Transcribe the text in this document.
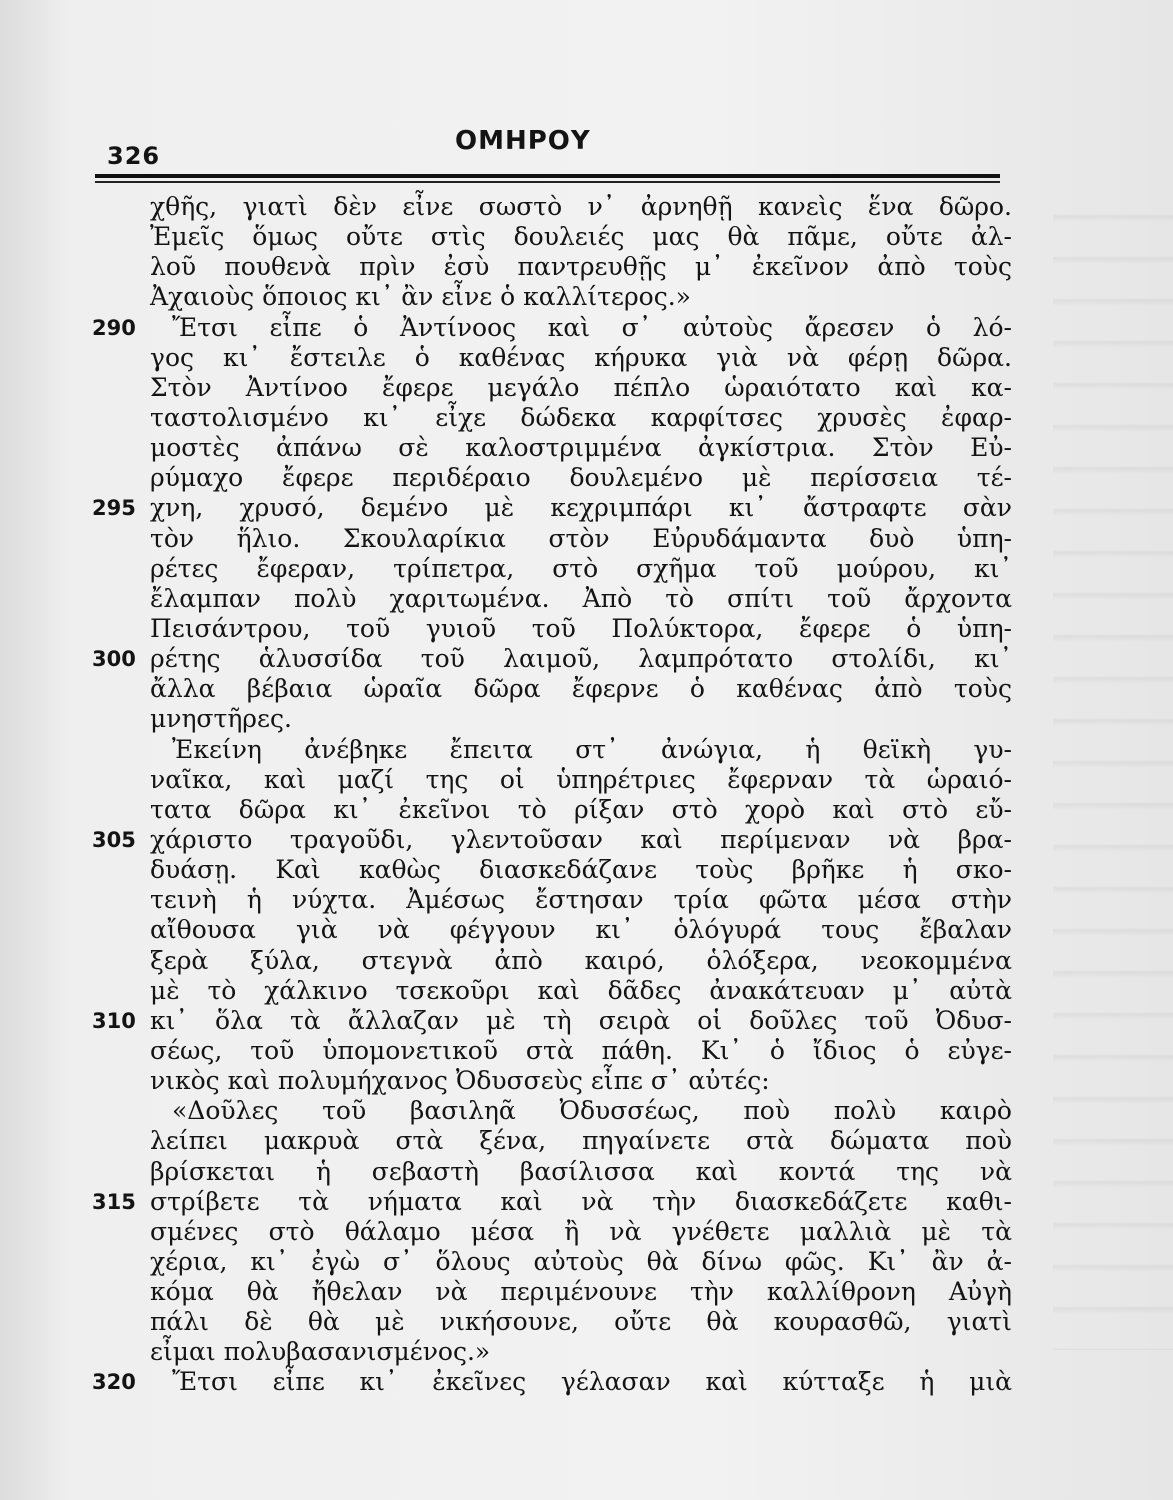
326	ΟΜΗΡΟΥ
χθῆς, γιατὶ δὲν εἶνε σωστὸ ν᾽ ἀρνηθῇ κανεὶς ἕνα δῶρο.
Ἐμεῖς ὅμως οὔτε στὶς δουλειές μας θὰ πᾶμε, οὔτε ἀλ-
λοῦ πουθενὰ πρὶν ἐσὺ παντρευθῇς μ᾽ ἐκεῖνον ἀπὸ τοὺς
Ἀχαιοὺς ὅποιος κι᾽ ἂν εἶνε ὁ καλλίτερος.»
290	Ἔτσι εἶπε ὁ Ἀντίνοος καὶ σ᾽ αὐτοὺς ἄρεσεν ὁ λό-
γος κι᾽ ἔστειλε ὁ καθένας κήρυκα γιὰ νὰ φέρῃ δῶρα.
Στὸν Ἀντίνοο ἔφερε μεγάλο πέπλο ὡραιότατο καὶ κα-
ταστολισμένο κι᾽ εἶχε δώδεκα καρφίτσες χρυσὲς ἐφαρ-
μοστὲς ἀπάνω σὲ καλοστριμμένα ἀγκίστρια. Στὸν Εὐ-
ρύμαχο ἔφερε περιδέραιο δουλεμένο μὲ περίσσεια τέ-
295 χνη, χρυσό, δεμένο μὲ κεχριμπάρι κι᾽ ἄστραφτε σὰν
τὸν ἥλιο. Σκουλαρίκια στὸν Εὐρυδάμαντα δυὸ ὑπη-
ρέτες ἔφεραν, τρίπετρα, στὸ σχῆμα τοῦ μούρου, κι᾽
ἔλαμπαν πολὺ χαριτωμένα. Ἀπὸ τὸ σπίτι τοῦ ἄρχοντα
Πεισάντρου, τοῦ γυιοῦ τοῦ Πολύκτορα, ἔφερε ὁ ὑπη-
300 ρέτης ἁλυσσίδα τοῦ λαιμοῦ, λαμπρότατο στολίδι, κι᾽
ἄλλα βέβαια ὡραῖα δῶρα ἔφερνε ὁ καθένας ἀπὸ τοὺς
μνηστῆρες.
Ἐκείνη ἀνέβηκε ἔπειτα στ᾽ ἀνώγια, ἡ θεϊκὴ γυ-
ναῖκα, καὶ μαζί της οἱ ὑπηρέτριες ἔφερναν τὰ ὡραιό-
τατα δῶρα κι᾽ ἐκεῖνοι τὸ ρίξαν στὸ χορὸ καὶ στὸ εὔ-
305 χάριστο τραγοῦδι, γλεντοῦσαν καὶ περίμεναν νὰ βρα-
δυάσῃ. Καὶ καθὼς διασκεδάζανε τοὺς βρῆκε ἡ σκο-
τεινὴ ἡ νύχτα. Ἀμέσως ἔστησαν τρία φῶτα μέσα στὴν
αἴθουσα γιὰ νὰ φέγγουν κι᾽ ὁλόγυρά τους ἔβαλαν
ξερὰ ξύλα, στεγνὰ ἀπὸ καιρό, ὁλόξερα, νεοκομμένα
μὲ τὸ χάλκινο τσεκοῦρι καὶ δᾶδες ἀνακάτευαν μ᾽ αὐτὰ
310 κι᾽ ὅλα τὰ ἄλλαζαν μὲ τὴ σειρὰ οἱ δοῦλες τοῦ Ὀδυσ-
σέως, τοῦ ὑπομονετικοῦ στὰ πάθη. Κι᾽ ὁ ἴδιος ὁ εὐγε-
νικὸς καὶ πολυμήχανος Ὀδυσσεὺς εἶπε σ᾽ αὐτές:
«Δοῦλες τοῦ βασιληᾶ Ὀδυσσέως, ποὺ πολὺ καιρὸ
λείπει μακρυὰ στὰ ξένα, πηγαίνετε στὰ δώματα ποὺ
βρίσκεται ἡ σεβαστὴ βασίλισσα καὶ κοντά της νὰ
315 στρίβετε τὰ νήματα καὶ νὰ τὴν διασκεδάζετε καθι-
σμένες στὸ θάλαμο μέσα ἢ νὰ γνέθετε μαλλιὰ μὲ τὰ
χέρια, κι᾽ ἐγὼ σ᾽ ὅλους αὐτοὺς θὰ δίνω φῶς. Κι᾽ ἂν ἀ-
κόμα θὰ ἤθελαν νὰ περιμένουνε τὴν καλλίθρονη Αὐγὴ
πάλι δὲ θὰ μὲ νικήσουνε, οὔτε θὰ κουρασθῶ, γιατὶ
εἶμαι πολυβασανισμένος.»
320	Ἔτσι εἶπε κι᾽ ἐκεῖνες γέλασαν καὶ κύτταξε ἡ μιὰ
